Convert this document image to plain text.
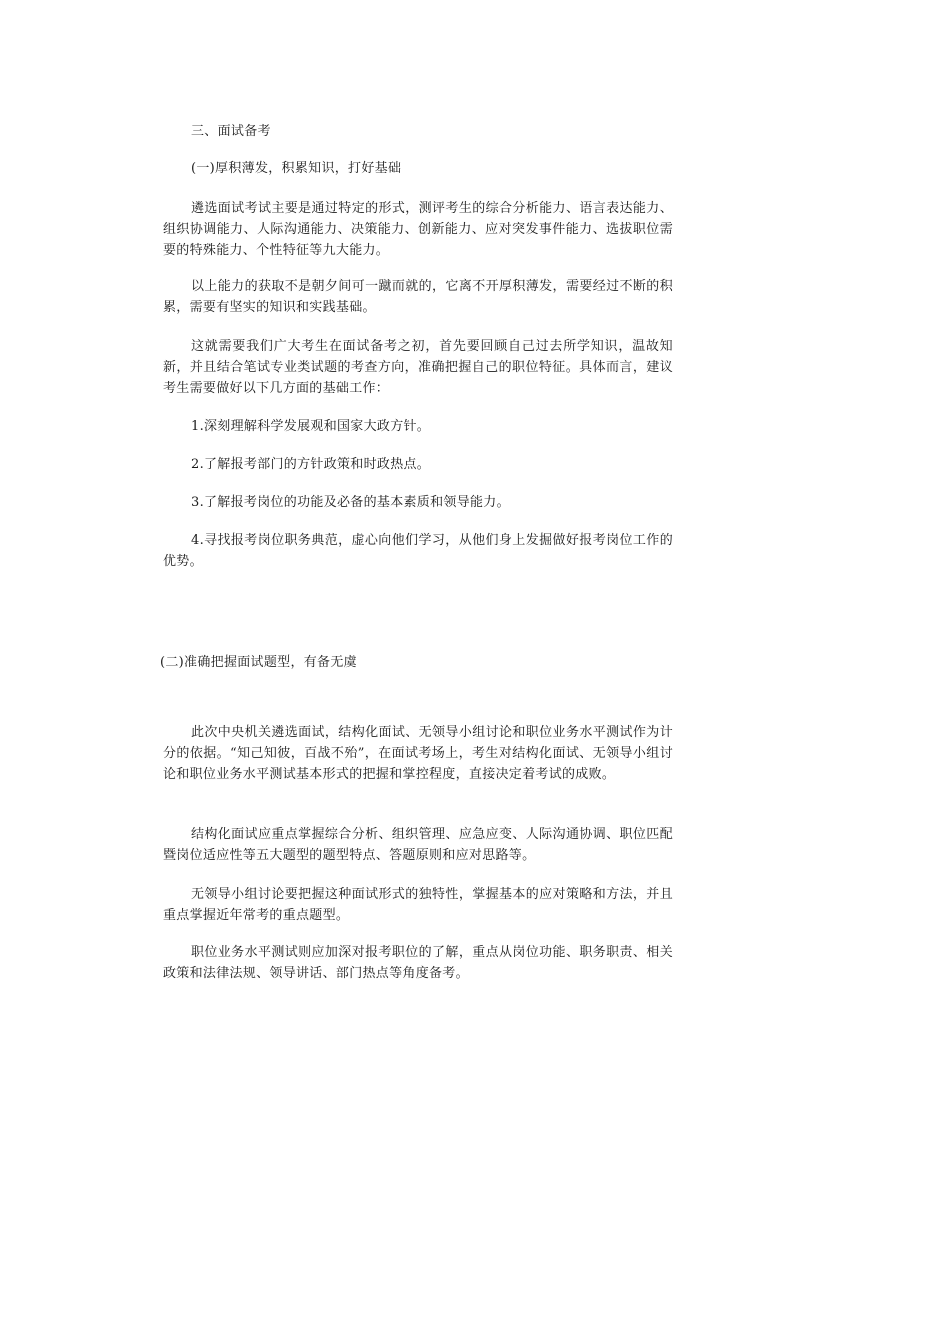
三、面试备考

(一)厚积薄发，积累知识，打好基础

遴选面试考试主要是通过特定的形式，测评考生的综合分析能力、语言表达能力、组织协调能力、人际沟通能力、决策能力、创新能力、应对突发事件能力、选拔职位需要的特殊能力、个性特征等九大能力。

以上能力的获取不是朝夕间可一蹴而就的，它离不开厚积薄发，需要经过不断的积累，需要有坚实的知识和实践基础。

这就需要我们广大考生在面试备考之初，首先要回顾自己过去所学知识，温故知新，并且结合笔试专业类试题的考查方向，准确把握自己的职位特征。具体而言，建议考生需要做好以下几方面的基础工作：

1.深刻理解科学发展观和国家大政方针。

2.了解报考部门的方针政策和时政热点。

3.了解报考岗位的功能及必备的基本素质和领导能力。

4.寻找报考岗位职务典范，虚心向他们学习，从他们身上发掘做好报考岗位工作的优势。

(二)准确把握面试题型，有备无虞

此次中央机关遴选面试，结构化面试、无领导小组讨论和职位业务水平测试作为计分的依据。“知己知彼，百战不殆”，在面试考场上，考生对结构化面试、无领导小组讨论和职位业务水平测试基本形式的把握和掌控程度，直接决定着考试的成败。

结构化面试应重点掌握综合分析、组织管理、应急应变、人际沟通协调、职位匹配暨岗位适应性等五大题型的题型特点、答题原则和应对思路等。

无领导小组讨论要把握这种面试形式的独特性，掌握基本的应对策略和方法，并且重点掌握近年常考的重点题型。

职位业务水平测试则应加深对报考职位的了解，重点从岗位功能、职务职责、相关政策和法律法规、领导讲话、部门热点等角度备考。
